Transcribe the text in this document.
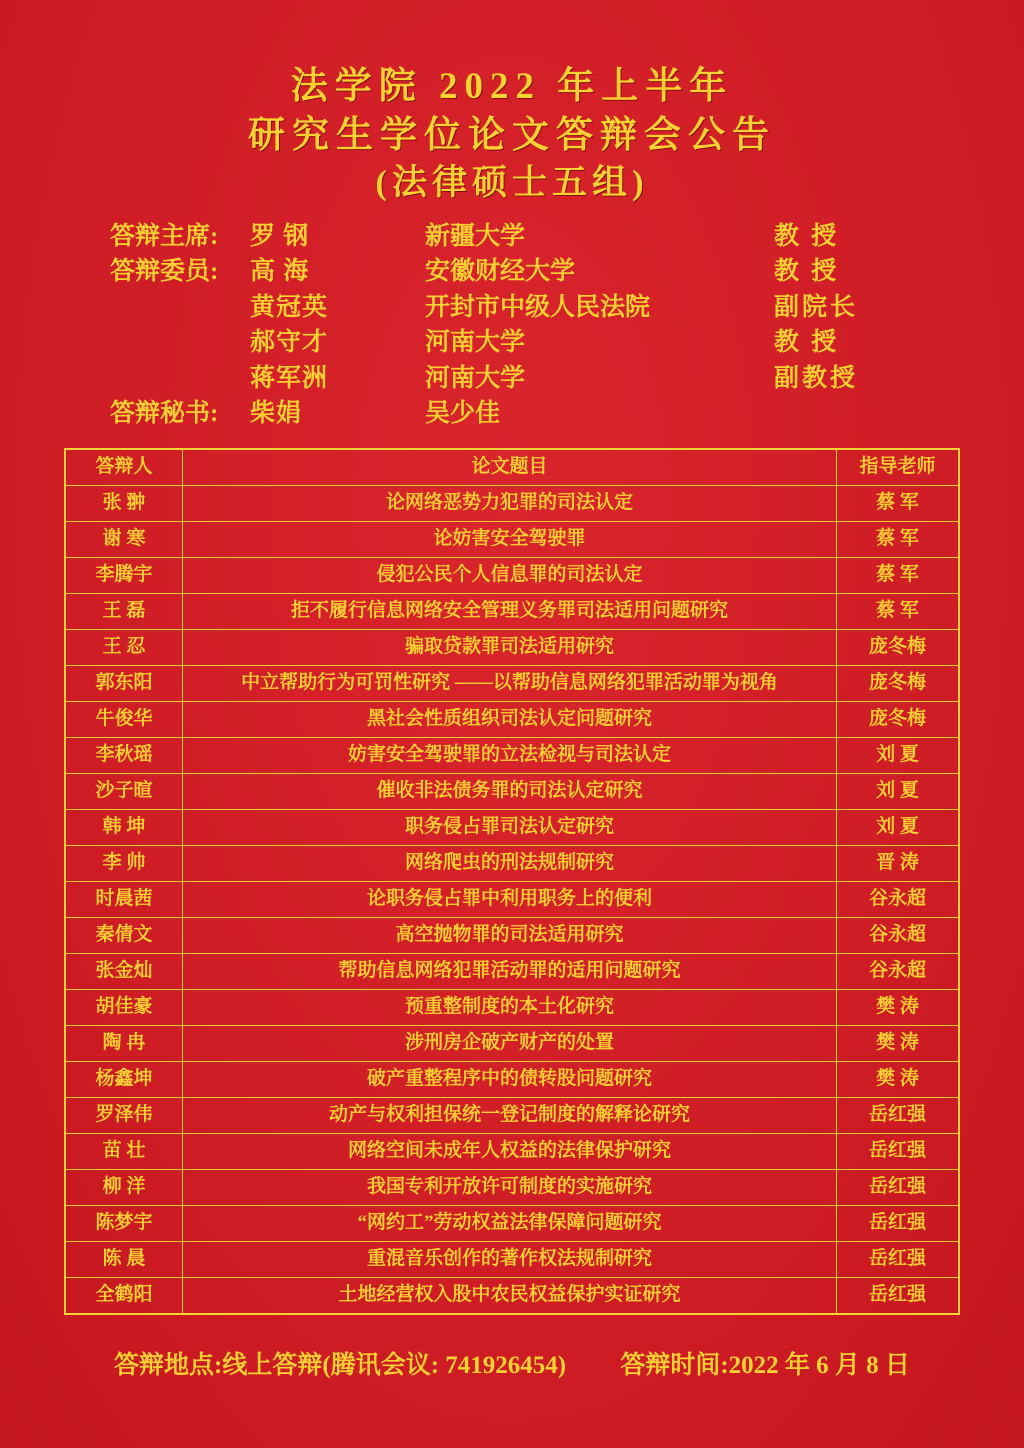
法学院 2022 年上半年
研究生学位论文答辩会公告
(法律硕士五组)
答辩主席:	罗 钢	新疆大学	教 授
答辩委员:	高 海	安徽财经大学	教 授
黄冠英	开封市中级人民法院	副院长
郝守才	河南大学	教 授
蒋军洲	河南大学	副教授
答辩秘书:	柴娟	吴少佳
答辩人	论文题目	指导老师
张 翀	论网络恶势力犯罪的司法认定	蔡 军
谢 寒	论妨害安全驾驶罪	蔡 军
李腾宇	侵犯公民个人信息罪的司法认定	蔡 军
王 磊	拒不履行信息网络安全管理义务罪司法适用问题研究	蔡 军
王 忍	骗取贷款罪司法适用研究	庞冬梅
郭东阳	中立帮助行为可罚性研究 ——以帮助信息网络犯罪活动罪为视角	庞冬梅
牛俊华	黑社会性质组织司法认定问题研究	庞冬梅
李秋瑶	妨害安全驾驶罪的立法检视与司法认定	刘 夏
沙子暄	催收非法债务罪的司法认定研究	刘 夏
韩 坤	职务侵占罪司法认定研究	刘 夏
李 帅	网络爬虫的刑法规制研究	晋 涛
时晨茜	论职务侵占罪中利用职务上的便利	谷永超
秦倩文	高空抛物罪的司法适用研究	谷永超
张金灿	帮助信息网络犯罪活动罪的适用问题研究	谷永超
胡佳豪	预重整制度的本土化研究	樊 涛
陶 冉	涉刑房企破产财产的处置	樊 涛
杨鑫坤	破产重整程序中的债转股问题研究	樊 涛
罗泽伟	动产与权利担保统一登记制度的解释论研究	岳红强
苗 壮	网络空间未成年人权益的法律保护研究	岳红强
柳 洋	我国专利开放许可制度的实施研究	岳红强
陈梦宇	“网约工”劳动权益法律保障问题研究	岳红强
陈 晨	重混音乐创作的著作权法规制研究	岳红强
全鹤阳	土地经营权入股中农民权益保护实证研究	岳红强
答辩地点:线上答辩(腾讯会议: 741926454) 答辩时间:2022 年 6 月 8 日
